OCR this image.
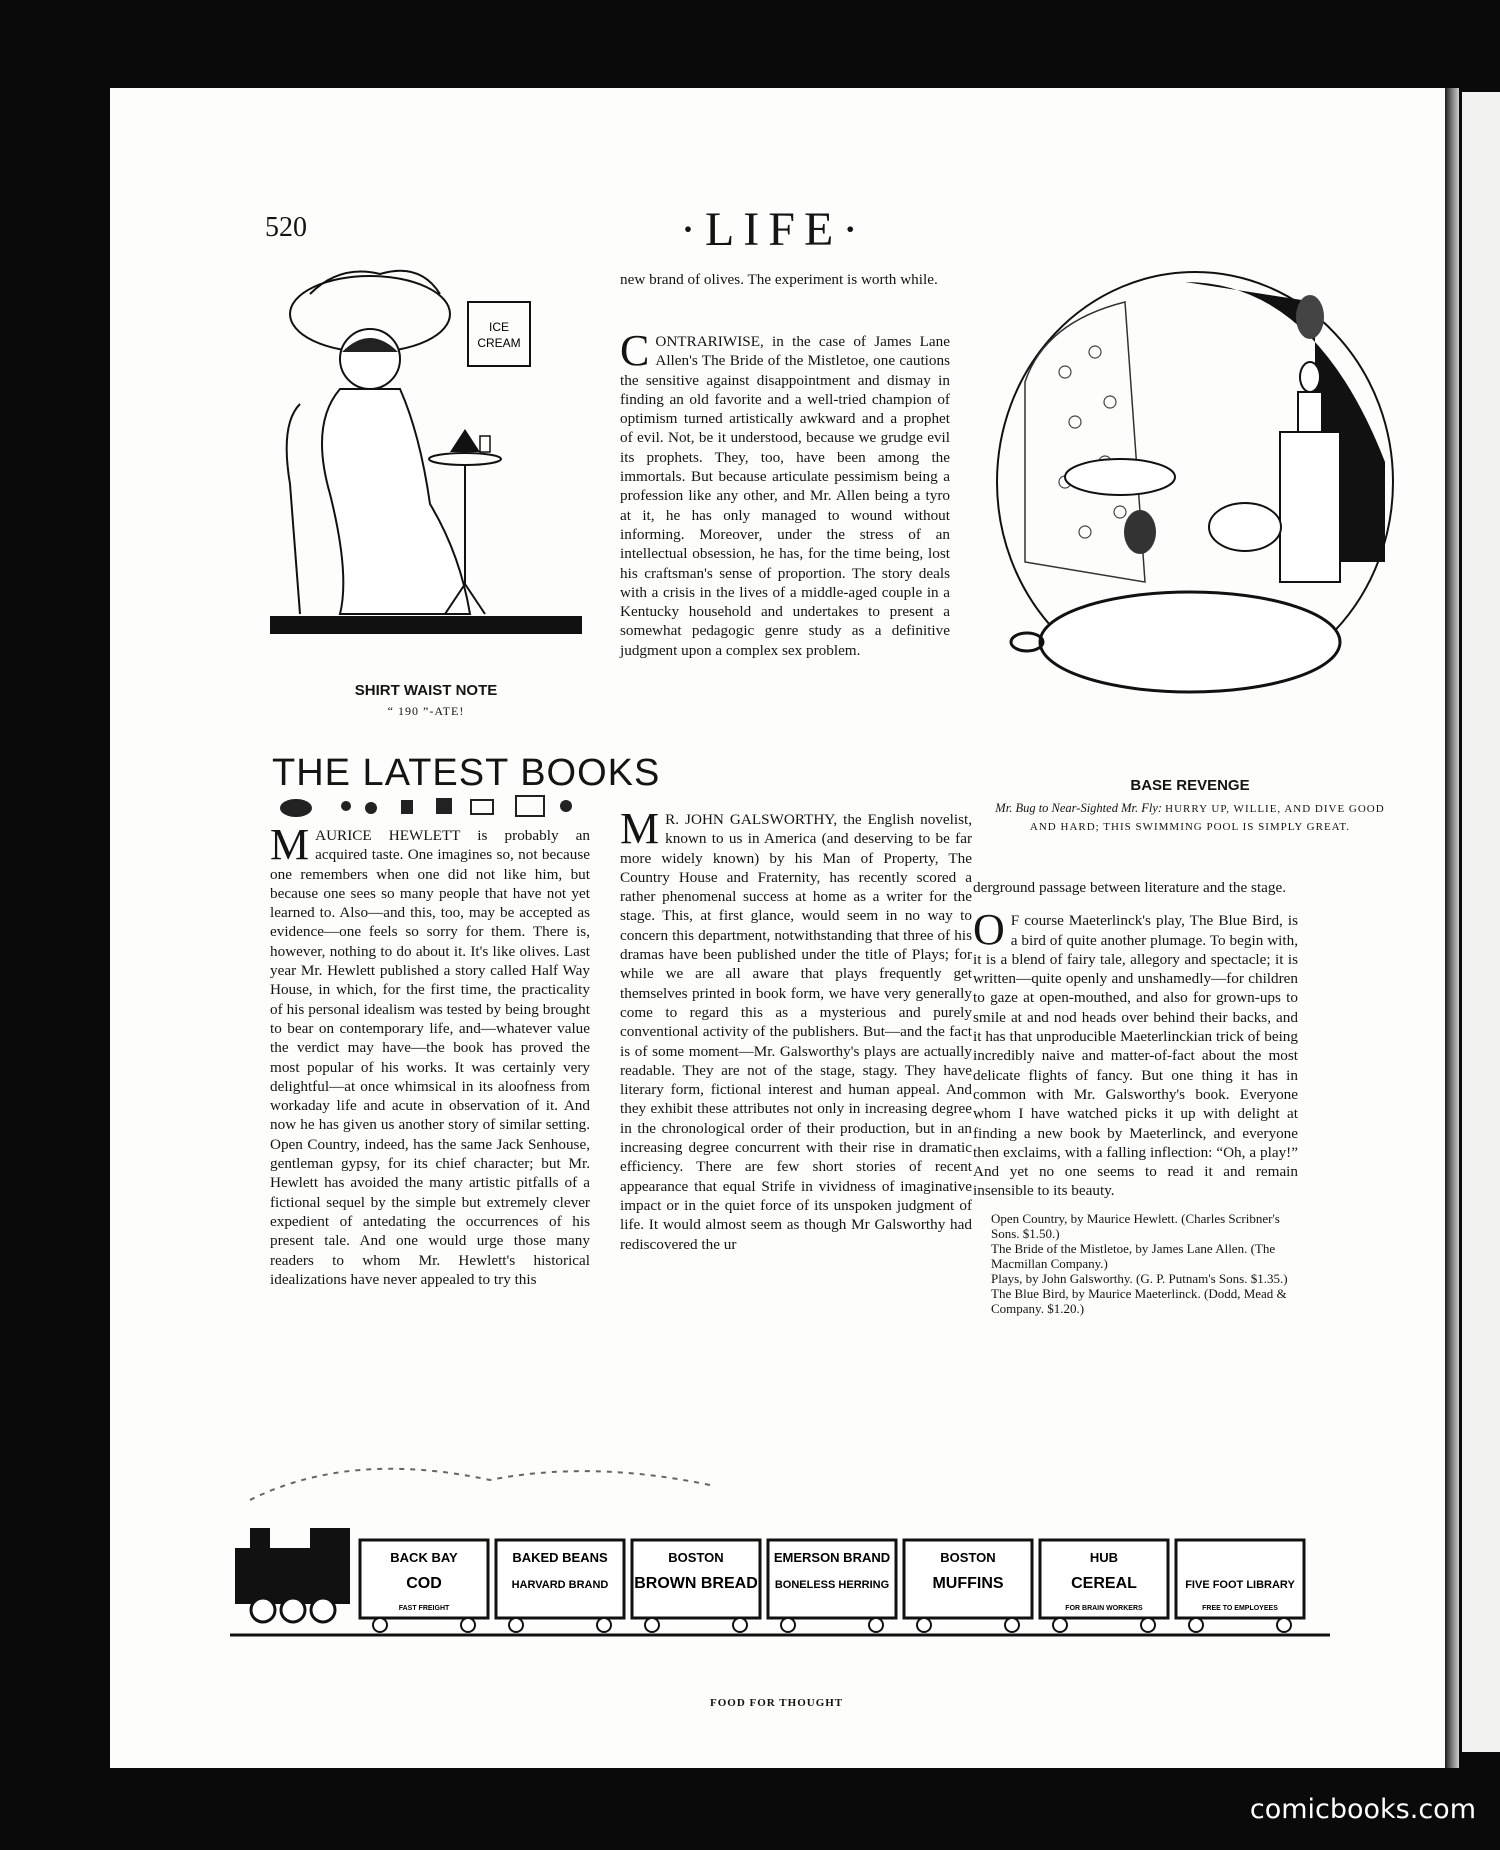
520	·LIFE·
ICE
CREAM
SHIRT WAIST NOTE
“ 190 ”-ATE!
THE LATEST BOOKS

MAURICE HEWLETT is probably an acquired taste. One imagines so, not because one remembers when one did not like him, but because one sees so many people that have not yet learned to. Also—and this, too, may be accepted as evidence—one feels so sorry for them. There is, however, nothing to do about it. It's like olives. Last year Mr. Hewlett published a story called Half Way House, in which, for the first time, the practicality of his personal idealism was tested by being brought to bear on contemporary life, and—whatever value the verdict may have—the book has proved the most popular of his works. It was certainly very delightful—at once whimsical in its aloofness from workaday life and acute in observation of it. And now he has given us another story of similar setting. Open Country, indeed, has the same Jack Senhouse, gentleman gypsy, for its chief character; but Mr. Hewlett has avoided the many artistic pitfalls of a fictional sequel by the simple but extremely clever expedient of antedating the occurrences of his present tale. And one would urge those many readers to whom Mr. Hewlett's historical idealizations have never appealed to try this

new brand of olives. The experiment is worth while.

CONTRARIWISE, in the case of James Lane Allen's The Bride of the Mistletoe, one cautions the sensitive against disappointment and dismay in finding an old favorite and a well-tried champion of optimism turned artistically awkward and a prophet of evil. Not, be it understood, because we grudge evil its prophets. They, too, have been among the immortals. But because articulate pessimism being a profession like any other, and Mr. Allen being a tyro at it, he has only managed to wound without informing. Moreover, under the stress of an intellectual obsession, he has, for the time being, lost his craftsman's sense of proportion. The story deals with a crisis in the lives of a middle-aged couple in a Kentucky household and undertakes to present a somewhat pedagogic genre study as a definitive judgment upon a complex sex problem.

M R. JOHN GALSWORTHY, the English novelist, known to us in America (and deserving to be far more widely known) by his Man of Property, The Country House and Fraternity, has recently scored a rather phenomenal success at home as a writer for the stage. This, at first glance, would seem in no way to concern this department, notwithstanding that three of his dramas have been published under the title of Plays; for while we are all aware that plays frequently get themselves printed in book form, we have very generally come to regard this as a mysterious and purely conventional activity of the publishers. But—and the fact is of some moment—Mr. Galsworthy's plays are actually readable. They are not of the stage, stagy. They have literary form, fictional interest and human appeal. And they exhibit these attributes not only in increasing degree in the chronological order of their production, but in an increasing degree concurrent with their rise in dramatic efficiency. There are few short stories of recent appearance that equal Strife in vividness of imaginative impact or in the quiet force of its unspoken judgment of life. It would almost seem as though Mr Galsworthy had rediscovered the ur

BASE REVENGE
Mr. Bug to Near-Sighted Mr. Fly: HURRY UP, WILLIE, AND DIVE GOOD AND HARD; THIS SWIMMING POOL IS SIMPLY GREAT.

derground passage between literature and the stage.

O F course Maeterlinck's play, The Blue Bird, is a bird of quite another plumage. To begin with, it is a blend of fairy tale, allegory and spectacle; it is written—quite openly and unshamedly—for children to gaze at open-mouthed, and also for grown-ups to smile at and nod heads over behind their backs, and it has that unproducible Maeterlinckian trick of being incredibly naive and matter-of-fact about the most delicate flights of fancy. But one thing it has in common with Mr. Galsworthy's book. Everyone whom I have watched picks it up with delight at finding a new book by Maeterlinck, and everyone then exclaims, with a falling inflection: “Oh, a play!” And yet no one seems to read it and remain insensible to its beauty.

Open Country, by Maurice Hewlett. (Charles Scribner's Sons. $1.50.)

The Bride of the Mistletoe, by James Lane Allen. (The Macmillan Company.)

Plays, by John Galsworthy. (G. P. Putnam's Sons. $1.35.)

The Blue Bird, by Maurice Maeterlinck. (Dodd, Mead & Company. $1.20.)

BACK BAY
COD
FAST FREIGHT
BAKED BEANS
HARVARD BRAND
BOSTON
BROWN BREAD
EMERSON BRAND
BONELESS HERRING
BOSTON
MUFFINS
HUB
CEREAL
FOR BRAIN WORKERS
FIVE FOOT LIBRARY
FREE TO EMPLOYEES
FOOD FOR THOUGHT
comicbooks.com
